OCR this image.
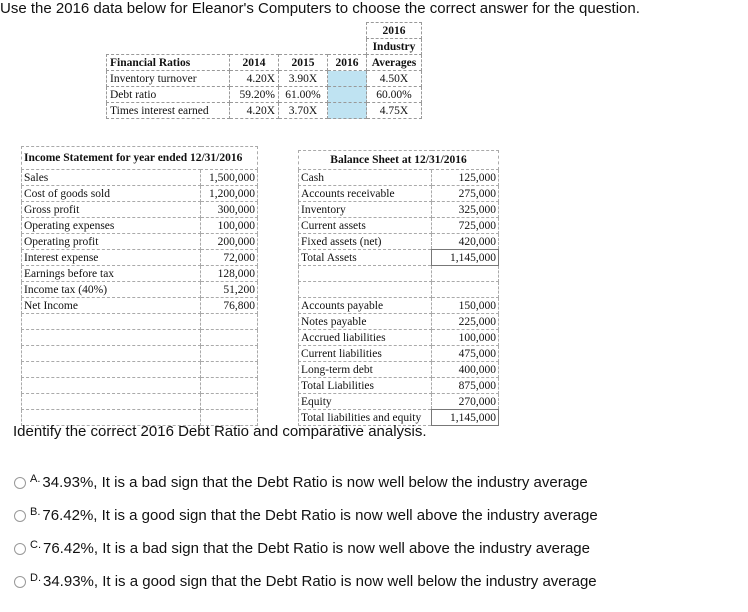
Use the 2016 data below for Eleanor's Computers to choose the correct answer for the question.
				2016
				Industry
Financial Ratios	2014	2015	2016	Averages
Inventory turnover	4.20X	3.90X		4.50X
Debt ratio	59.20%	61.00%		60.00%
Times interest earned	4.20X	3.70X		4.75X
Income Statement for year ended 12/31/2016	
Sales	1,500,000
Cost of goods sold	1,200,000
Gross profit	300,000
Operating expenses	100,000
Operating profit	200,000
Interest expense	72,000
Earnings before tax	128,000
Income tax (40%)	51,200
Net Income	76,800

Balance Sheet at 12/31/2016	
Cash	125,000
Accounts receivable	275,000
Inventory	325,000
Current assets	725,000
Fixed assets (net)	420,000
Total Assets	1,145,000

Accounts payable	150,000
Notes payable	225,000
Accrued liabilities	100,000
Current liabilities	475,000
Long-term debt	400,000
Total Liabilities	875,000
Equity	270,000
Total liabilities and equity	1,145,000
Identify the correct 2016 Debt Ratio and comparative analysis.
A. 34.93%, It is a bad sign that the Debt Ratio is now well below the industry average
B. 76.42%, It is a good sign that the Debt Ratio is now well above the industry average
C. 76.42%, It is a bad sign that the Debt Ratio is now well above the industry average
D. 34.93%, It is a good sign that the Debt Ratio is now well below the industry average
